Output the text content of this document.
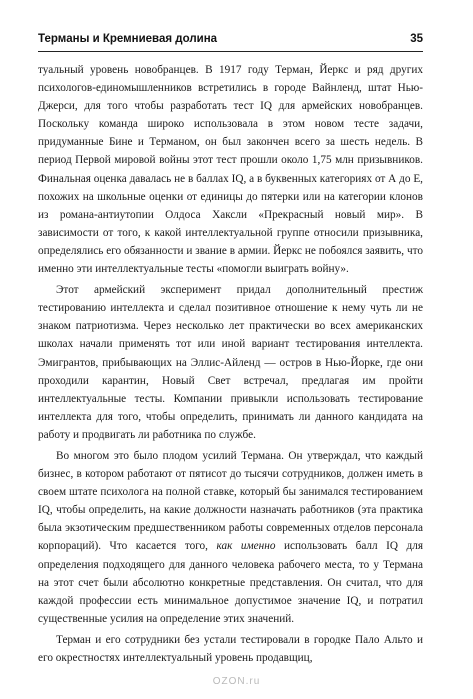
Термaны и Кремниевая долина	35

туальный уровень новобранцев. В 1917 году Терман, Йеркс и ряд других психологов-единомышленников встретились в городе Вайнленд, штат Нью-Джерси, для того чтобы разработать тест IQ для армейских новобранцев. Поскольку команда широко использовала в этом новом тесте задачи, придуманные Бине и Терманом, он был закончен всего за шесть недель. В период Первой мировой войны этот тест прошли около 1,75 млн призывников. Финальная оценка давалась не в баллах IQ, а в буквенных категориях от А до Е, похожих на школьные оценки от единицы до пятерки или на категории клонов из романа-антиутопии Олдоса Хаксли «Прекрасный новый мир». В зависимости от того, к какой интеллектуальной группе относили призывника, определялись его обязанности и звание в армии. Йеркс не побоялся заявить, что именно эти интеллектуальные тесты «помогли выиграть войну».

Этот армейский эксперимент придал дополнительный престиж тестированию интеллекта и сделал позитивное отношение к нему чуть ли не знаком патриотизма. Через несколько лет практически во всех американских школах начали применять тот или иной вариант тестирования интеллекта. Эмигрантов, прибывающих на Эллис-Айленд — остров в Нью-Йорке, где они проходили карантин, Новый Свет встречал, предлагая им пройти интеллектуальные тесты. Компании привыкли использовать тестирование интеллекта для того, чтобы определить, принимать ли данного кандидата на работу и продвигать ли работника по службе.

Во многом это было плодом усилий Термана. Он утверждал, что каждый бизнес, в котором работают от пятисот до тысячи сотрудников, должен иметь в своем штате психолога на полной ставке, который бы занимался тестированием IQ, чтобы определить, на какие должности назначать работников (эта практика была экзотическим предшественником работы современных отделов персонала корпораций). Что касается того, как именно использовать балл IQ для определения подходящего для данного человека рабочего места, то у Термана на этот счет были абсолютно конкретные представления. Он считал, что для каждой профессии есть минимальное допустимое значение IQ, и потратил существенные усилия на определение этих значений.

Терман и его сотрудники без устали тестировали в городке Пало Альто и его окрестностях интеллектуальный уровень продавщиц,

OZON.ru
